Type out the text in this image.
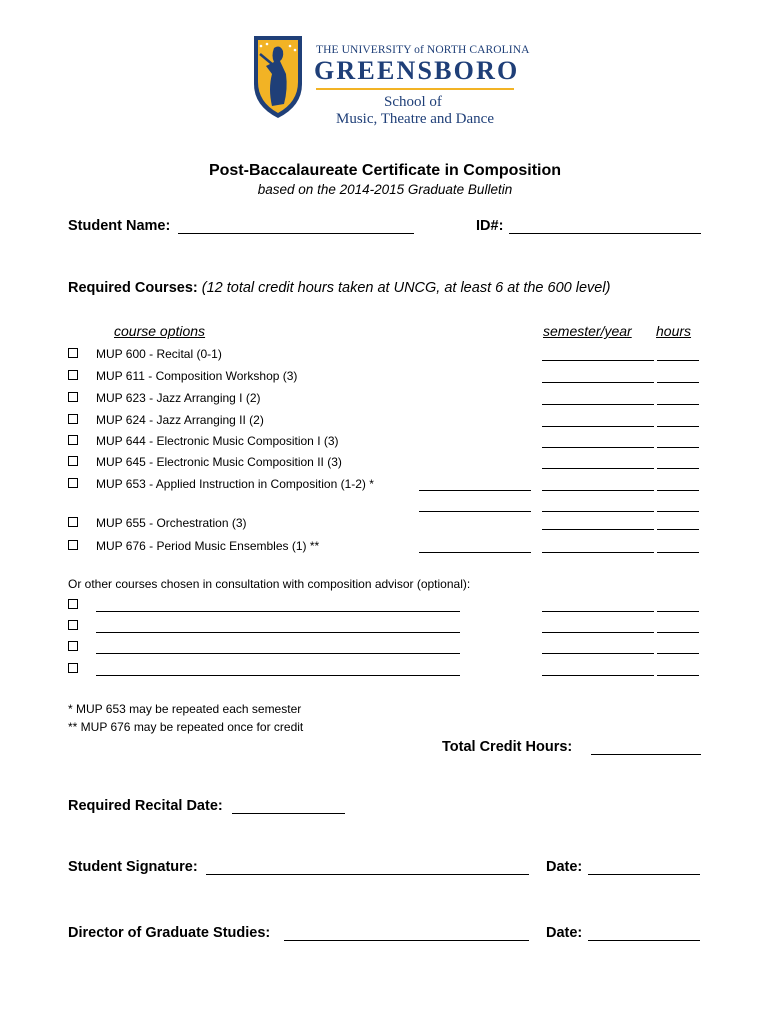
THE UNIVERSITY of NORTH CAROLINA
GREENSBORO
School of
Music, Theatre and Dance
Post-Baccalaureate Certificate in Composition
based on the 2014-2015 Graduate Bulletin
Student Name:	ID#:
Required Courses: (12 total credit hours taken at UNCG, at least 6 at the 600 level)
course options	semester/year hours
MUP 600 - Recital (0-1)
MUP 611 - Composition Workshop (3)
MUP 623 - Jazz Arranging I (2)
MUP 624 - Jazz Arranging II (2)
MUP 644 - Electronic Music Composition I (3)
MUP 645 - Electronic Music Composition II (3)
MUP 653 - Applied Instruction in Composition (1-2) *
MUP 655 - Orchestration (3)
MUP 676 - Period Music Ensembles (1) **
Or other courses chosen in consultation with composition advisor (optional):
* MUP 653 may be repeated each semester
** MUP 676 may be repeated once for credit
Total Credit Hours:
Required Recital Date:
Student Signature:	Date:
Director of Graduate Studies:	Date:
